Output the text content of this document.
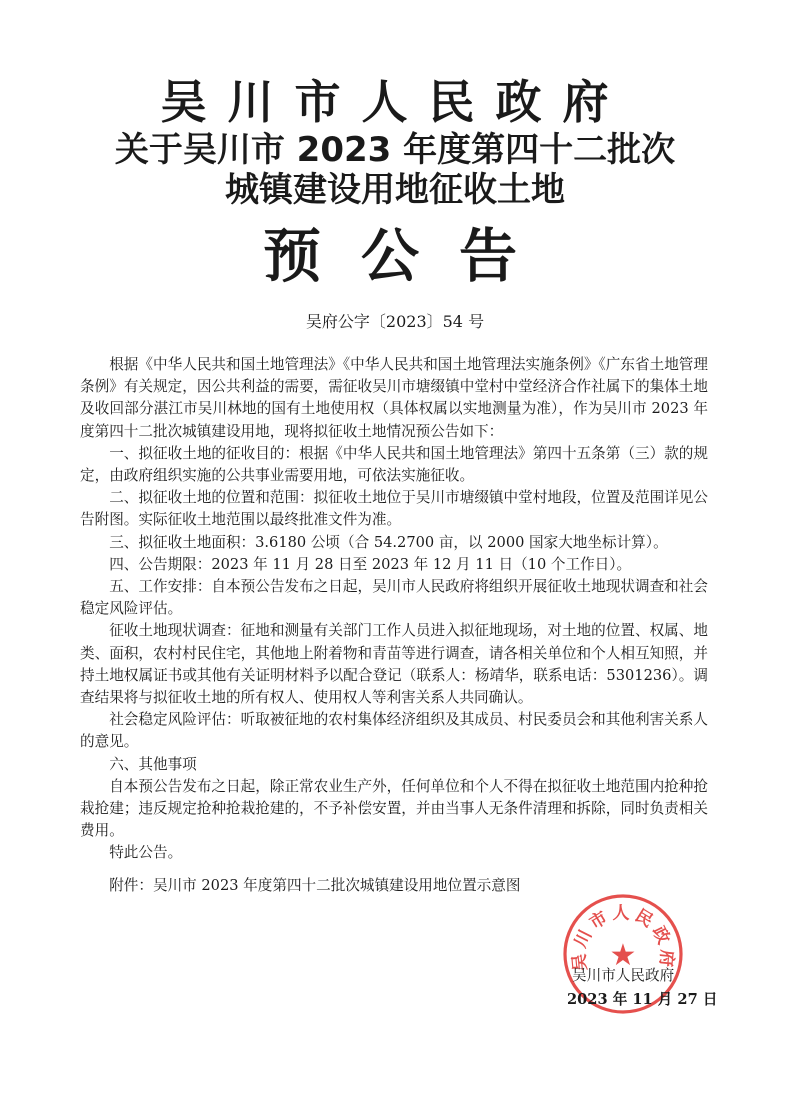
吴川市人民政府
关于吴川市 2023 年度第四十二批次
城镇建设用地征收土地
预公告
吴府公字〔2023〕54 号

根据《中华人民共和国土地管理法》《中华人民共和国土地管理法实施条例》《广东省土地管理条例》有关规定，因公共利益的需要，需征收吴川市塘缀镇中堂村中堂经济合作社属下的集体土地及收回部分湛江市吴川林地的国有土地使用权（具体权属以实地测量为准），作为吴川市 2023 年度第四十二批次城镇建设用地，现将拟征收土地情况预公告如下：

一、拟征收土地的征收目的：根据《中华人民共和国土地管理法》第四十五条第（三）款的规定，由政府组织实施的公共事业需要用地，可依法实施征收。

二、拟征收土地的位置和范围：拟征收土地位于吴川市塘缀镇中堂村地段，位置及范围详见公告附图。实际征收土地范围以最终批准文件为准。

三、拟征收土地面积：3.6180 公顷（合 54.2700 亩，以 2000 国家大地坐标计算）。

四、公告期限：2023 年 11 月 28 日至 2023 年 12 月 11 日（10 个工作日）。

五、工作安排：自本预公告发布之日起，吴川市人民政府将组织开展征收土地现状调查和社会稳定风险评估。

征收土地现状调查：征地和测量有关部门工作人员进入拟征地现场，对土地的位置、权属、地类、面积，农村村民住宅，其他地上附着物和青苗等进行调查，请各相关单位和个人相互知照，并持土地权属证书或其他有关证明材料予以配合登记（联系人：杨靖华，联系电话：5301236）。调查结果将与拟征收土地的所有权人、使用权人等利害关系人共同确认。

社会稳定风险评估：听取被征地的农村集体经济组织及其成员、村民委员会和其他利害关系人的意见。

六、其他事项

自本预公告发布之日起，除正常农业生产外，任何单位和个人不得在拟征收土地范围内抢种抢栽抢建；违反规定抢种抢栽抢建的，不予补偿安置，并由当事人无条件清理和拆除，同时负责相关费用。

特此公告。

附件：吴川市 2023 年度第四十二批次城镇建设用地位置示意图
吴川市人民政府
★
吴川市人民政府
2023 年 11 月 27 日
